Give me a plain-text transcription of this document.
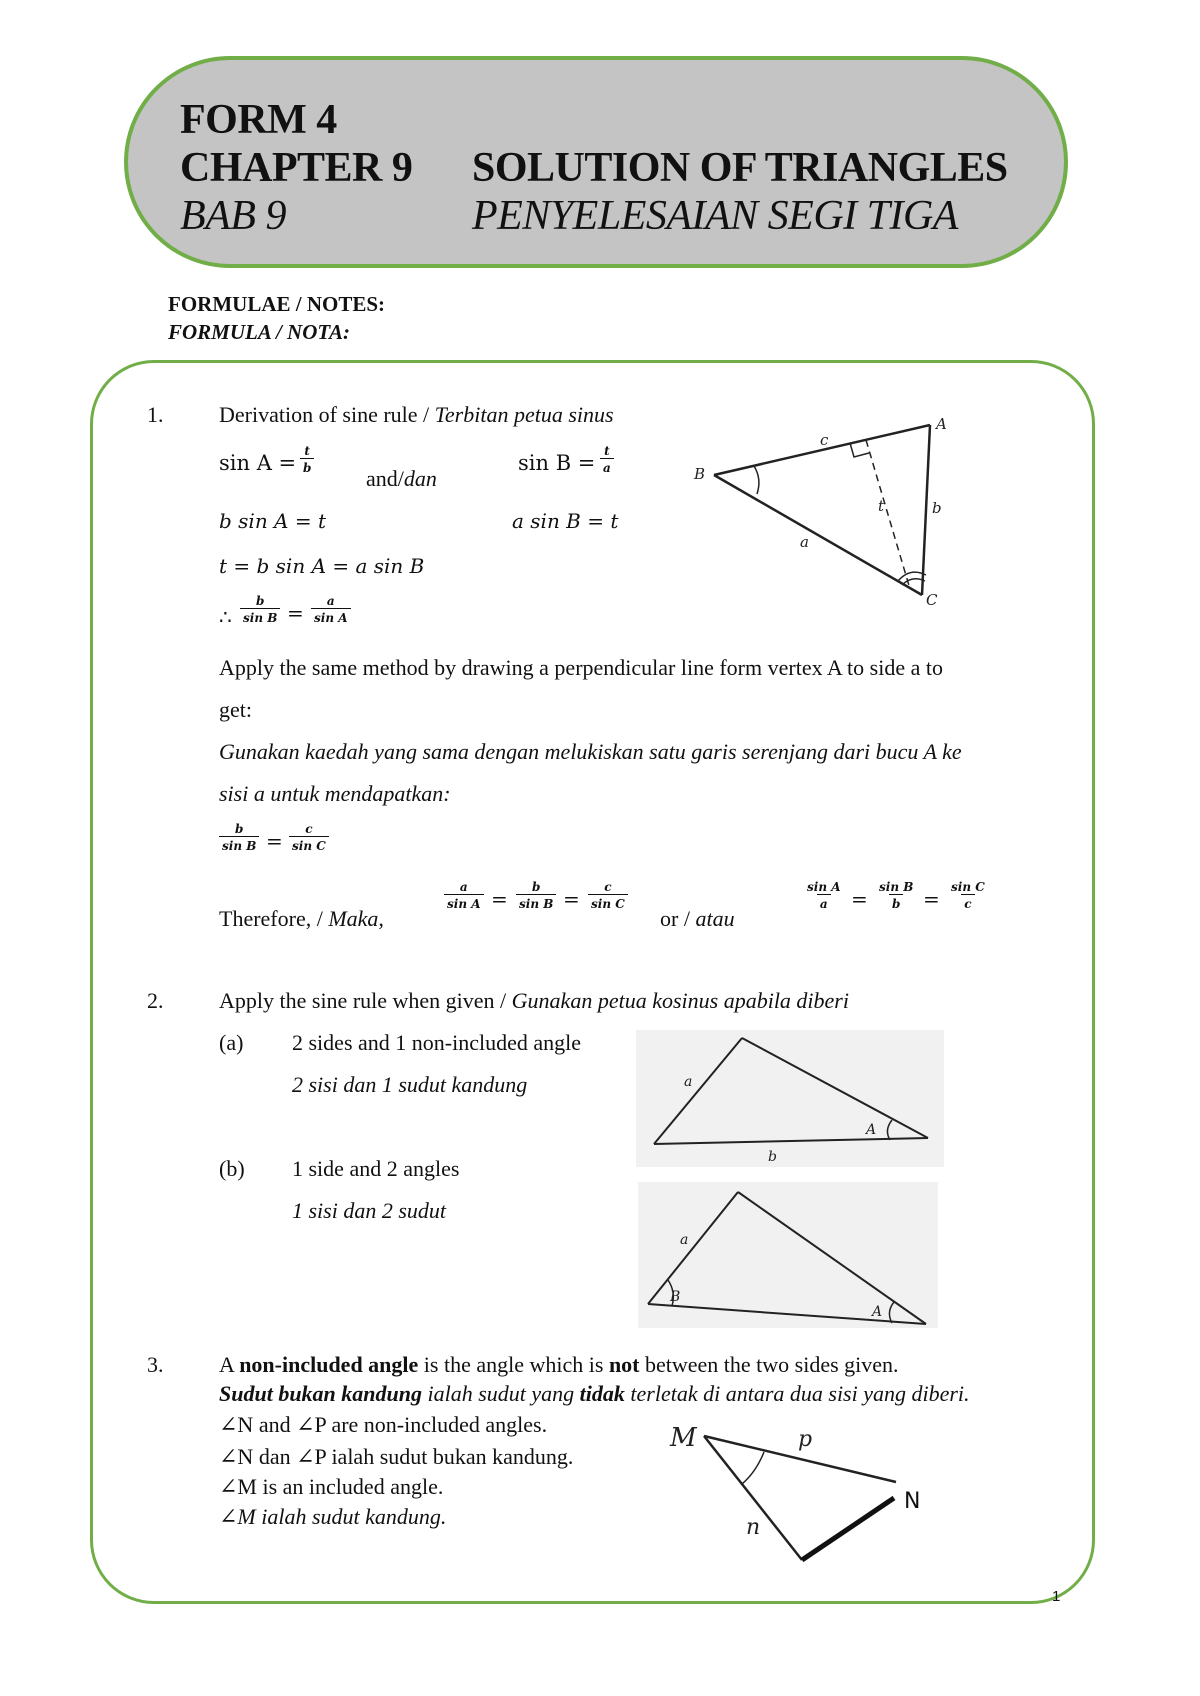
FORM 4
CHAPTER 9 SOLUTION OF TRIANGLES
BAB 9	PENYELESAIAN SEGI TIGA
FORMULAE / NOTES:
FORMULA / NOTA:
1.	Derivation of sine rule / Terbitan petua sinus
$\sin A = \frac{t}{b}$
and/dan
$\sin B = \frac{t}{a}$
b sin A = t	a sin B = t
t = b sin A = a sin B
∴ $\frac{b}{\text{sin B}} = \frac{a}{\text{sin A}}$
A
B
C
c
b
t
a
Apply the same method by drawing a perpendicular line form vertex A to side a to
get:
Gunakan kaedah yang sama dengan melukiskan satu garis serenjang dari bucu A ke
sisi a untuk mendapatkan:
$\frac{b}{\text{sin B}} = \frac{c}{\text{sin C}}$
Therefore, / Maka,
$\frac{a}{\text{sin A}} = \frac{b}{\text{sin B}} = \frac{c}{\text{sin C}}$
or / atau
$\frac{\text{sin A}}{a} = \frac{\text{sin B}}{b} = \frac{\text{sin C}}{c}$
2.	Apply the sine rule when given / Gunakan petua kosinus apabila diberi
(a) 2 sides and 1 non-included angle
2 sisi dan 1 sudut kandung	a
A
b
(b) 1 side and 2 angles
1 sisi dan 2 sudut
a
B
A
3.	A non-included angle is the angle which is not between the two sides given.
Sudut bukan kandung ialah sudut yang tidak terletak di antara dua sisi yang diberi.
∠N and ∠P are non-included angles.
∠N dan ∠P ialah sudut bukan kandung.
∠M is an included angle.
∠M ialah sudut kandung.
M	p
n
N
1
